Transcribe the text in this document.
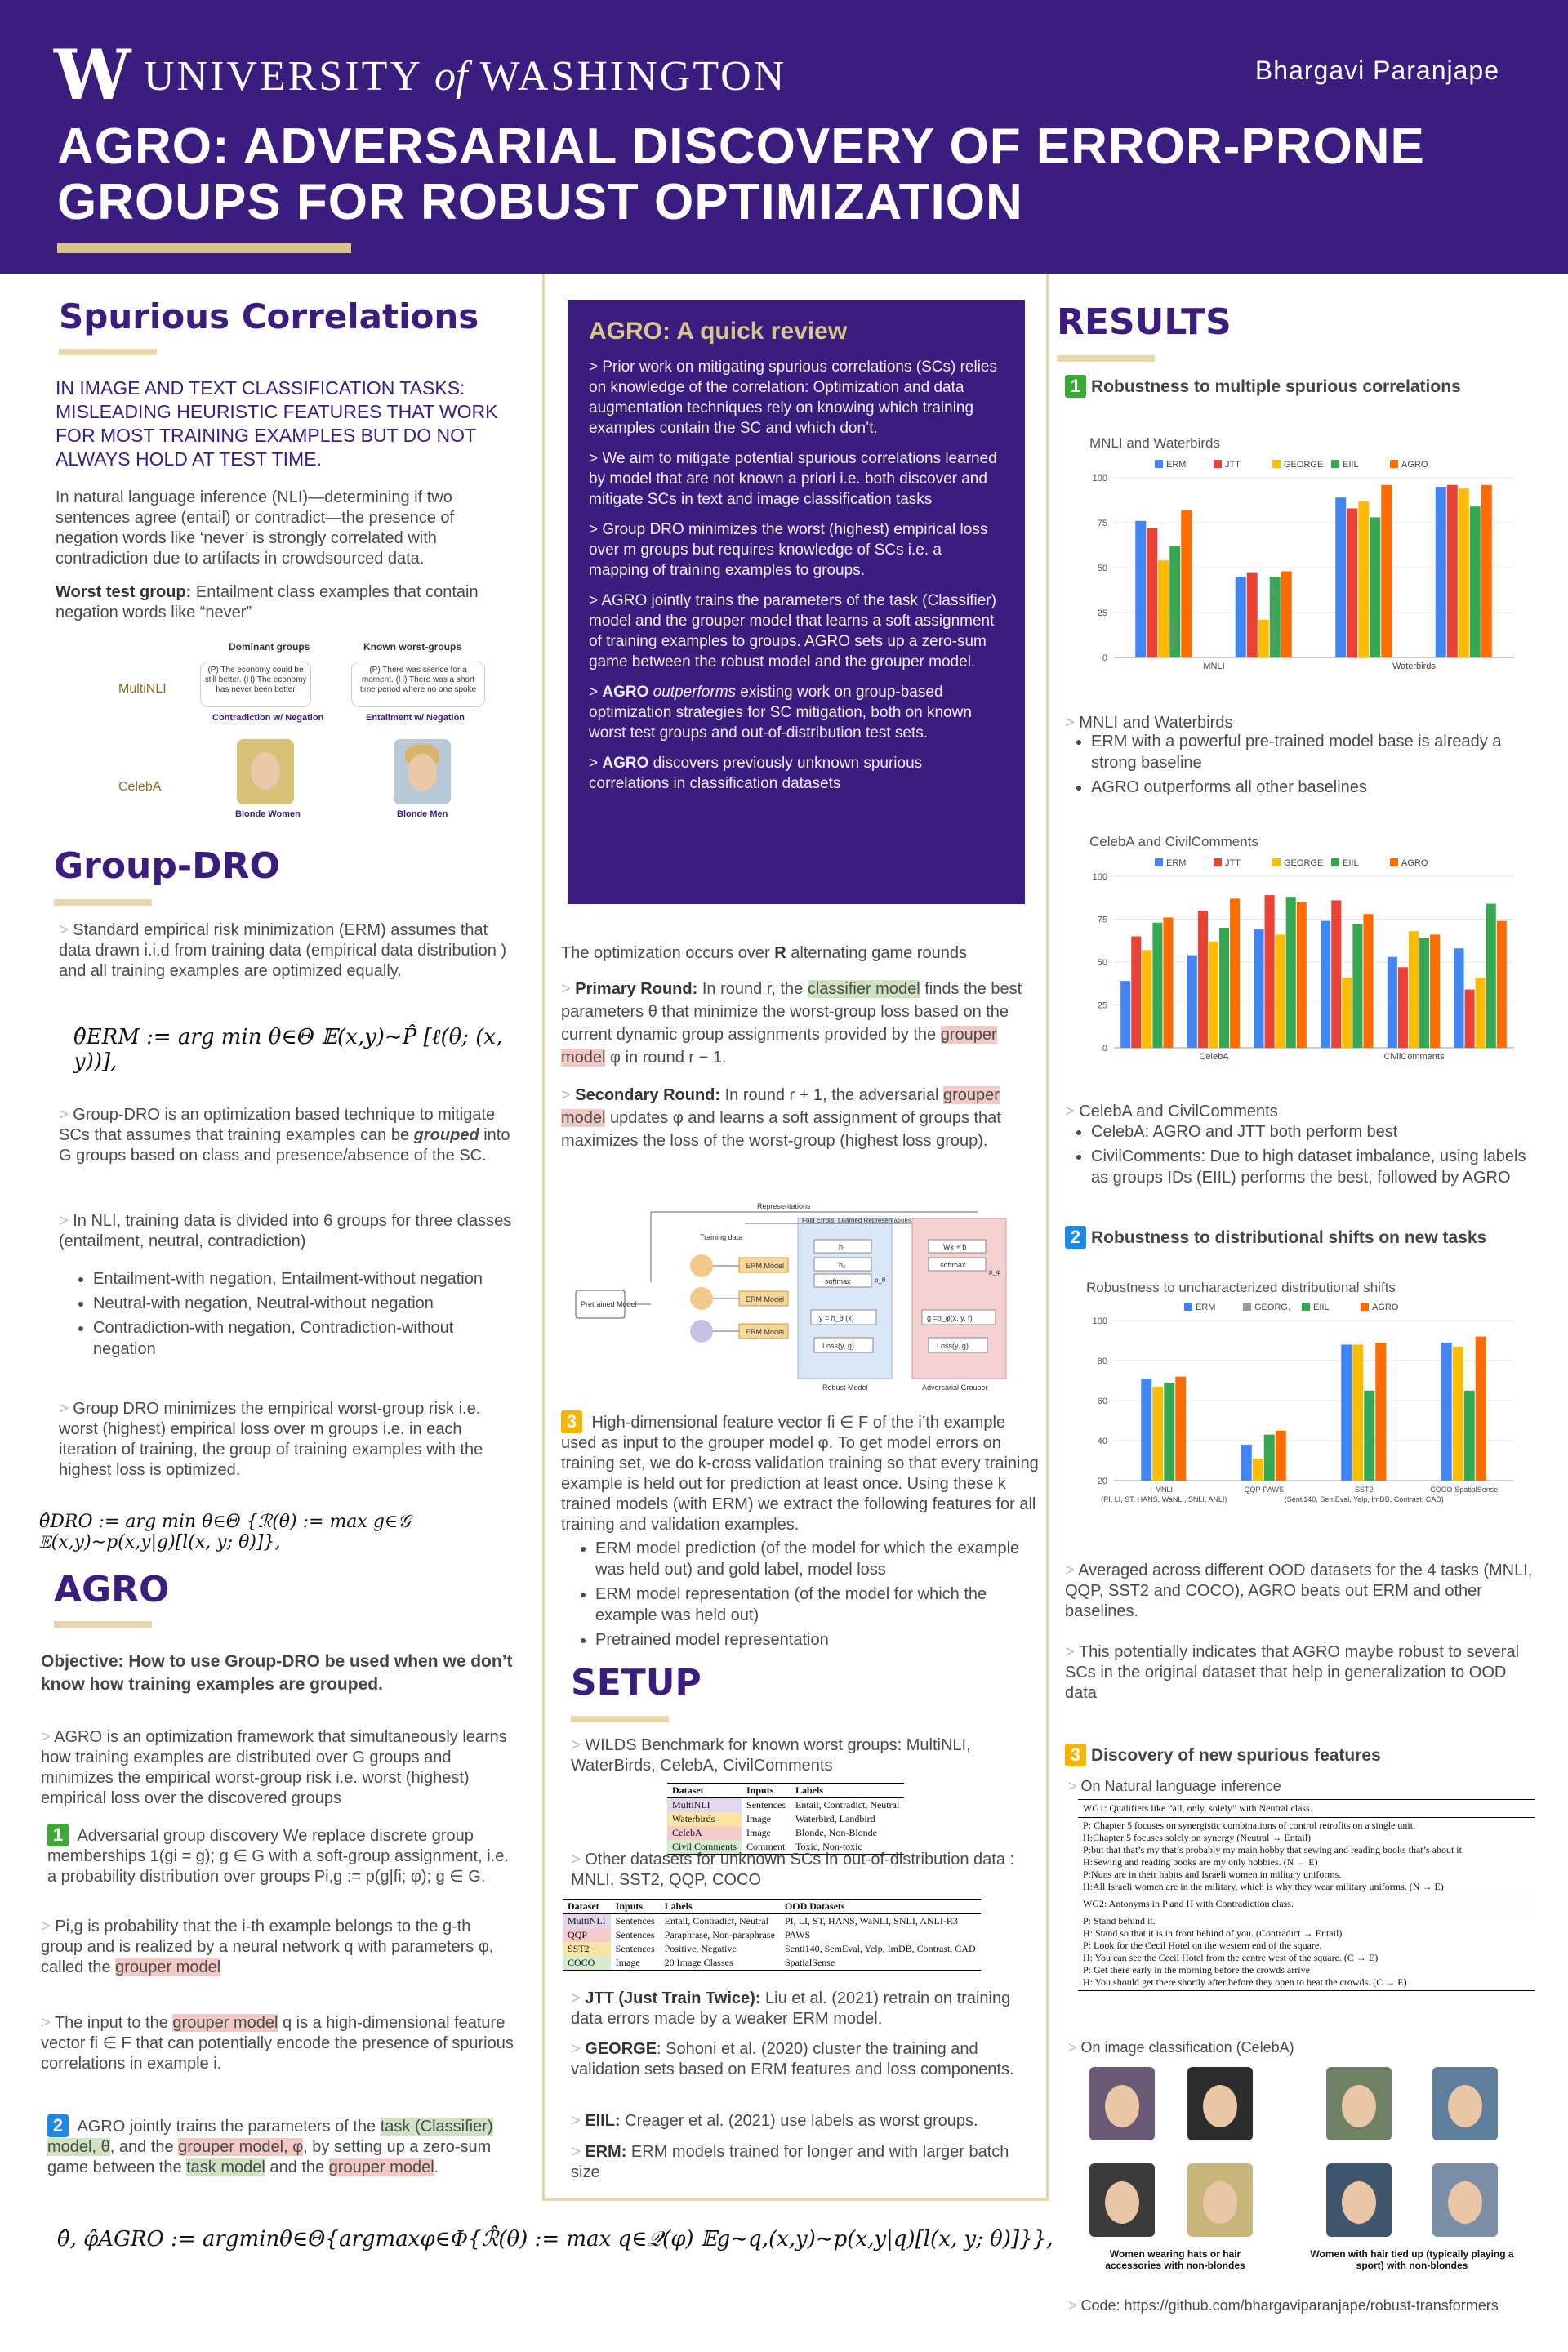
W UNIVERSITY of WASHINGTON	Bhargavi Paranjape
AGRO: ADVERSARIAL DISCOVERY OF ERROR-PRONE
GROUPS FOR ROBUST OPTIMIZATION
Spurious Correlations
IN IMAGE AND TEXT CLASSIFICATION TASKS: MISLEADING HEURISTIC FEATURES THAT WORK FOR MOST TRAINING EXAMPLES BUT DO NOT ALWAYS HOLD AT TEST TIME.
In natural language inference (NLI)—determining if two sentences agree (entail) or contradict—the presence of negation words like ‘never’ is strongly correlated with contradiction due to artifacts in crowdsourced data.
Worst test group: Entailment class examples that contain negation words like “never”
Dominant groups	Known worst-groups
MultiNLI
(P) The economy could be still better. (H) The economy has never been better
(P) There was silence for a moment. (H) There was a short time period where no one spoke
Contradiction w/ Negation	Entailment w/ Negation
CelebA
Blonde Women	Blonde Men
Group-DRO
> Standard empirical risk minimization (ERM) assumes that data drawn i.i.d from training data (empirical data distribution ) and all training examples are optimized equally.
θ̂ERM := arg min θ∈Θ 𝔼(x,y)∼P̂ [ℓ(θ; (x, y))],
> Group-DRO is an optimization based technique to mitigate SCs that assumes that training examples can be grouped into G groups based on class and presence/absence of the SC.
> In NLI, training data is divided into 6 groups for three classes (entailment, neutral, contradiction)
• Entailment-with negation, Entailment-without negation
• Neutral-with negation, Neutral-without negation
• Contradiction-with negation, Contradiction-without negation
> Group DRO minimizes the empirical worst-group risk i.e. worst (highest) empirical loss over m groups i.e. in each iteration of training, the group of training examples with the highest loss is optimized.
θ̂DRO := arg min θ∈Θ {ℛ(θ) := max g∈𝒢 𝔼(x,y)∼p(x,y|g)[l(x, y; θ)]},
AGRO
Objective: How to use Group-DRO be used when we don’t know how training examples are grouped.
> AGRO is an optimization framework that simultaneously learns how training examples are distributed over G groups and minimizes the empirical worst-group risk i.e. worst (highest) empirical loss over the discovered groups
1 Adversarial group discovery We replace discrete group memberships 1(gi = g); g ∈ G with a soft-group assignment, i.e. a probability distribution over groups Pi,g := p(g|fi; φ); g ∈ G.
> Pi,g is probability that the i-th example belongs to the g-th group and is realized by a neural network q with parameters φ, called the grouper model
> The input to the grouper model q is a high-dimensional feature vector fi ∈ F that can potentially encode the presence of spurious correlations in example i.
2 AGRO jointly trains the parameters of the task (Classifier) model, θ, and the grouper model, φ, by setting up a zero-sum game between the task model and the grouper model.
θ̂, φ̂AGRO := argminθ∈Θ{argmaxφ∈Φ{ℛ̂(θ) := max q∈𝒬(φ) 𝔼g∼q,(x,y)∼p(x,y|q)[l(x, y; θ)]}},
AGRO: A quick review

> Prior work on mitigating spurious correlations (SCs) relies on knowledge of the correlation: Optimization and data augmentation techniques rely on knowing which training examples contain the SC and which don’t.

> We aim to mitigate potential spurious correlations learned by model that are not known a priori i.e. both discover and mitigate SCs in text and image classification tasks

> Group DRO minimizes the worst (highest) empirical loss over m groups but requires knowledge of SCs i.e. a mapping of training examples to groups.

> AGRO jointly trains the parameters of the task (Classifier) model and the grouper model that learns a soft assignment of training examples to groups. AGRO sets up a zero-sum game between the robust model and the grouper model.

> AGRO outperforms existing work on group-based optimization strategies for SC mitigation, both on known worst test groups and out-of-distribution test sets.

> AGRO discovers previously unknown spurious correlations in classification datasets

The optimization occurs over R alternating game rounds
> Primary Round: In round r, the classifier model finds the best parameters θ that minimize the worst-group loss based on the current dynamic group assignments provided by the grouper model φ in round r − 1.
> Secondary Round: In round r + 1, the adversarial grouper model updates φ and learns a soft assignment of groups that maximizes the loss of the worst-group (highest loss group).
Representations
Fold Errors, Learned Representations
Training data
Pretrained Model
ERM Model
ERM Model
ERM Model
h₁
h₂
softmax	p_θ
y = h_θ (x)
Loss(y, g)
Robust Model
Wx + b
softmax
p_φ
g =p_φ(x, y, f)
Loss(y, g)
Adversarial Grouper
3 High-dimensional feature vector fi ∈ F of the i’th example used as input to the grouper model φ. To get model errors on training set, we do k-cross validation training so that every training example is held out for prediction at least once. Using these k trained models (with ERM) we extract the following features for all training and validation examples.
• ERM model prediction (of the model for which the example was held out) and gold label, model loss
• ERM model representation (of the model for which the example was held out)
• Pretrained model representation
SETUP
> WILDS Benchmark for known worst groups: MultiNLI, WaterBirds, CelebA, CivilComments
Dataset	Inputs	Labels
MultiNLI	Sentences	Entail, Contradict, Neutral
Waterbirds	Image	Waterbird, Landbird
CelebA	Image	Blonde, Non-Blonde
Civil Comments	Comment	Toxic, Non-toxic
> Other datasets for unknown SCs in out-of-distribution data : MNLI, SST2, QQP, COCO
Dataset	Inputs	Labels	OOD Datasets
MultiNLI	Sentences	Entail, Contradict, Neutral	PI, LI, ST, HANS, WaNLI, SNLI, ANLI-R3
QQP	Sentences	Paraphrase, Non-paraphrase	PAWS
SST2	Sentences	Positive, Negative	Senti140, SemEval, Yelp, ImDB, Contrast, CAD
COCO	Image	20 Image Classes	SpatialSense
> JTT (Just Train Twice): Liu et al. (2021) retrain on training data errors made by a weaker ERM model.
> GEORGE: Sohoni et al. (2020) cluster the training and validation sets based on ERM features and loss components.
> EIIL: Creager et al. (2021) use labels as worst groups.
> ERM: ERM models trained for longer and with larger batch size
RESULTS
1 Robustness to multiple spurious correlations
MNLI and Waterbirds
ERM	JTT	GEORGE EIIL	AGRO
0
25
50
75
100
MNLI	Waterbirds
Negation	Lexical overlap - Ent
> MNLI and Waterbirds
• ERM with a powerful pre-trained model base is already a strong baseline
• AGRO outperforms all other baselines
CelebA and CivilComments
ERM	JTT	GEORGE EIIL	AGRO
0
25
50
75
100
CelebA	CivilComments
> CelebA and CivilComments
• CelebA: AGRO and JTT both perform best
• CivilComments: Due to high dataset imbalance, using labels as groups IDs (EIIL) performs the best, followed by AGRO
2 Robustness to distributional shifts on new tasks
Robustness to uncharacterized distributional shifts
ERM	GEORG.	EIIL	AGRO
20
40
60
80
100
MNLI
(PI, LI, ST, HANS, WaNLI, SNLI, ANLI)
QQP-PAWS	SST2
(Senti140, SemEval, Yelp, ImDB, Contrast, CAD)
COCO-SpatialSense
> Averaged across different OOD datasets for the 4 tasks (MNLI, QQP, SST2 and COCO), AGRO beats out ERM and other baselines.
> This potentially indicates that AGRO maybe robust to several SCs in the original dataset that help in generalization to OOD data
3 Discovery of new spurious features
> On Natural language inference
WG1: Qualifiers like “all, only, solely” with Neutral class.
P: Chapter 5 focuses on synergistic combinations of control retrofits on a single unit.
H:Chapter 5 focuses solely on synergy (Neutral → Entail)
P:but that that’s my that’s probably my main hobby that sewing and reading books that’s about it
H:Sewing and reading books are my only hobbies. (N → E)
P:Nuns are in their habits and Israeli women in military uniforms.
H:All Israeli women are in the military, which is why they wear military uniforms. (N → E)
WG2: Antonyms in P and H with Contradiction class.
P: Stand behind it.
H: Stand so that it is in front behind of you. (Contradict → Entail)
P: Look for the Cecil Hotel on the western end of the square.
H: You can see the Cecil Hotel from the centre west of the square. (C → E)
P: Get there early in the morning before the crowds arrive
H: You should get there shortly after before they open to beat the crowds. (C → E)
> On image classification (CelebA)
Women wearing hats or hair accessories with non-blondes
Women with hair tied up (typically playing a sport) with non-blondes
> Code: https://github.com/bhargaviparanjape/robust-transformers
